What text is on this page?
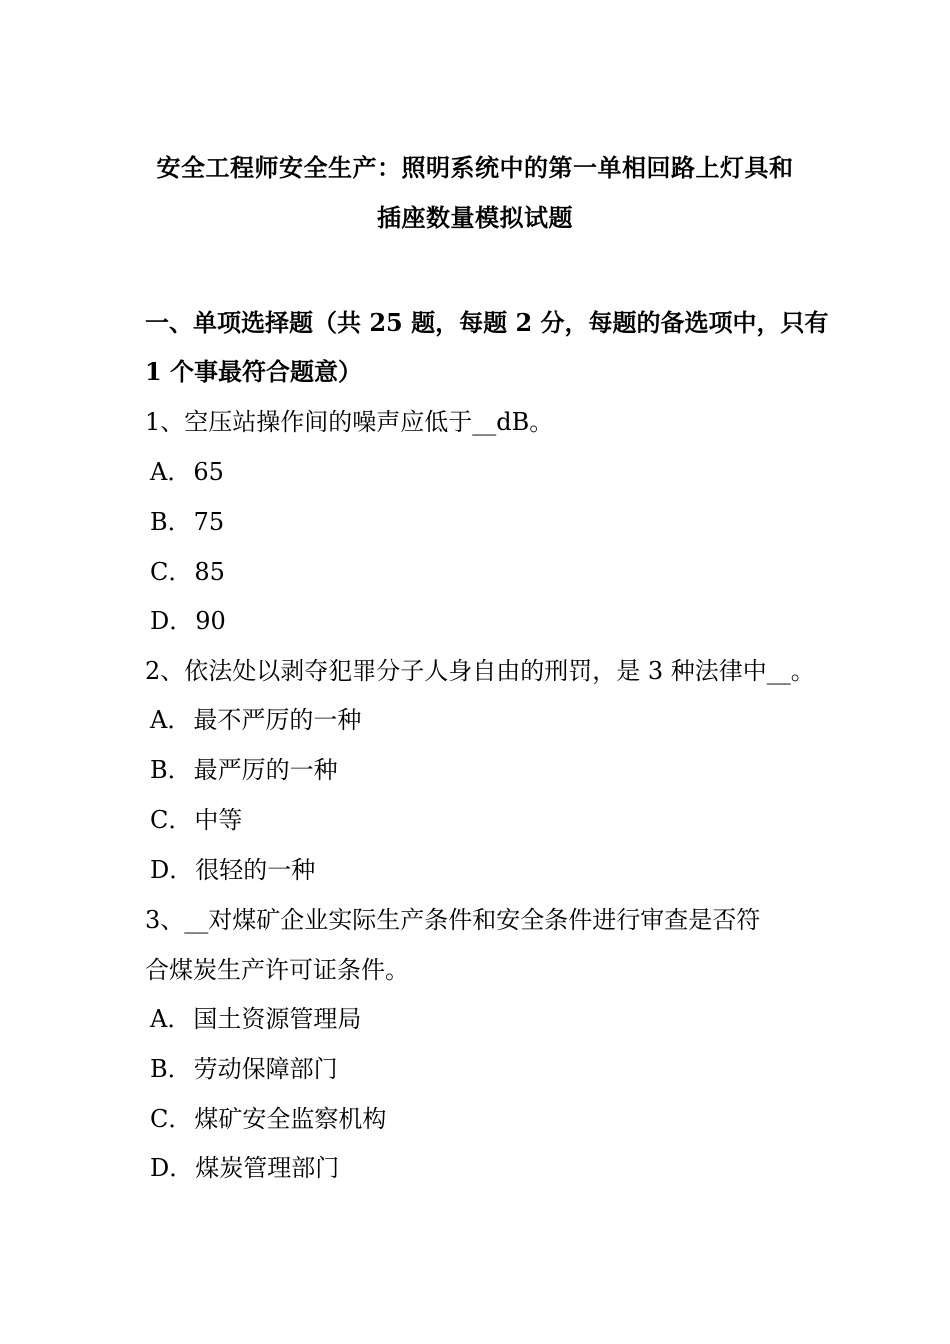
安全工程师安全生产：照明系统中的第一单相回路上灯具和
插座数量模拟试题
一、单项选择题（共 25 题，每题 2 分，每题的备选项中，只有
1 个事最符合题意）
1、空压站操作间的噪声应低于__dB。
A．65
B．75
C．85
D．90
2、依法处以剥夺犯罪分子人身自由的刑罚，是 3 种法律中__。
A．最不严厉的一种
B．最严厉的一种
C．中等
D．很轻的一种
3、__对煤矿企业实际生产条件和安全条件进行审查是否符
合煤炭生产许可证条件。
A．国土资源管理局
B．劳动保障部门
C．煤矿安全监察机构
D．煤炭管理部门
